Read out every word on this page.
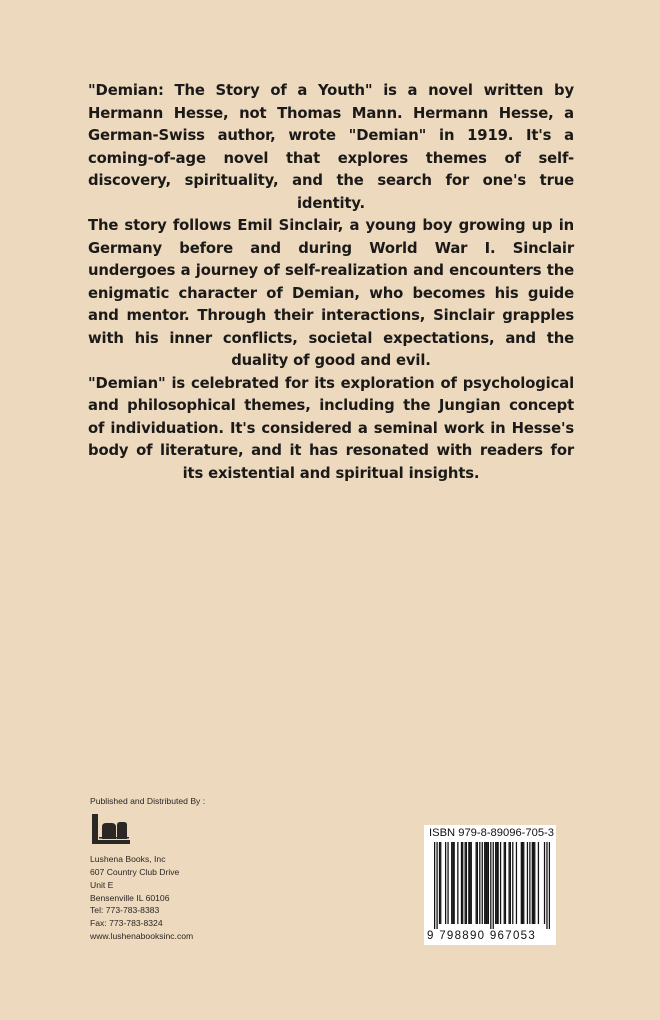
"Demian: The Story of a Youth" is a novel written by Hermann Hesse, not Thomas Mann. Hermann Hesse, a German-Swiss author, wrote "Demian" in 1919. It's a coming-of-age novel that explores themes of self-discovery, spirituality, and the search for one's true identity.

The story follows Emil Sinclair, a young boy growing up in Germany before and during World War I. Sinclair undergoes a journey of self-realization and encounters the enigmatic character of Demian, who becomes his guide and mentor. Through their interactions, Sinclair grapples with his inner conflicts, societal expectations, and the duality of good and evil.

"Demian" is celebrated for its exploration of psychological and philosophical themes, including the Jungian concept of individuation. It's considered a seminal work in Hesse's body of literature, and it has resonated with readers for its existential and spiritual insights.

Published and Distributed By :
Lushena Books, Inc
607 Country Club Drive
Unit E
Bensenville IL 60106
Tel: 773-783-8383
Fax: 773-783-8324
www.lushenabooksinc.com
ISBN 979-8-89096-705-3
9 798890 967053
